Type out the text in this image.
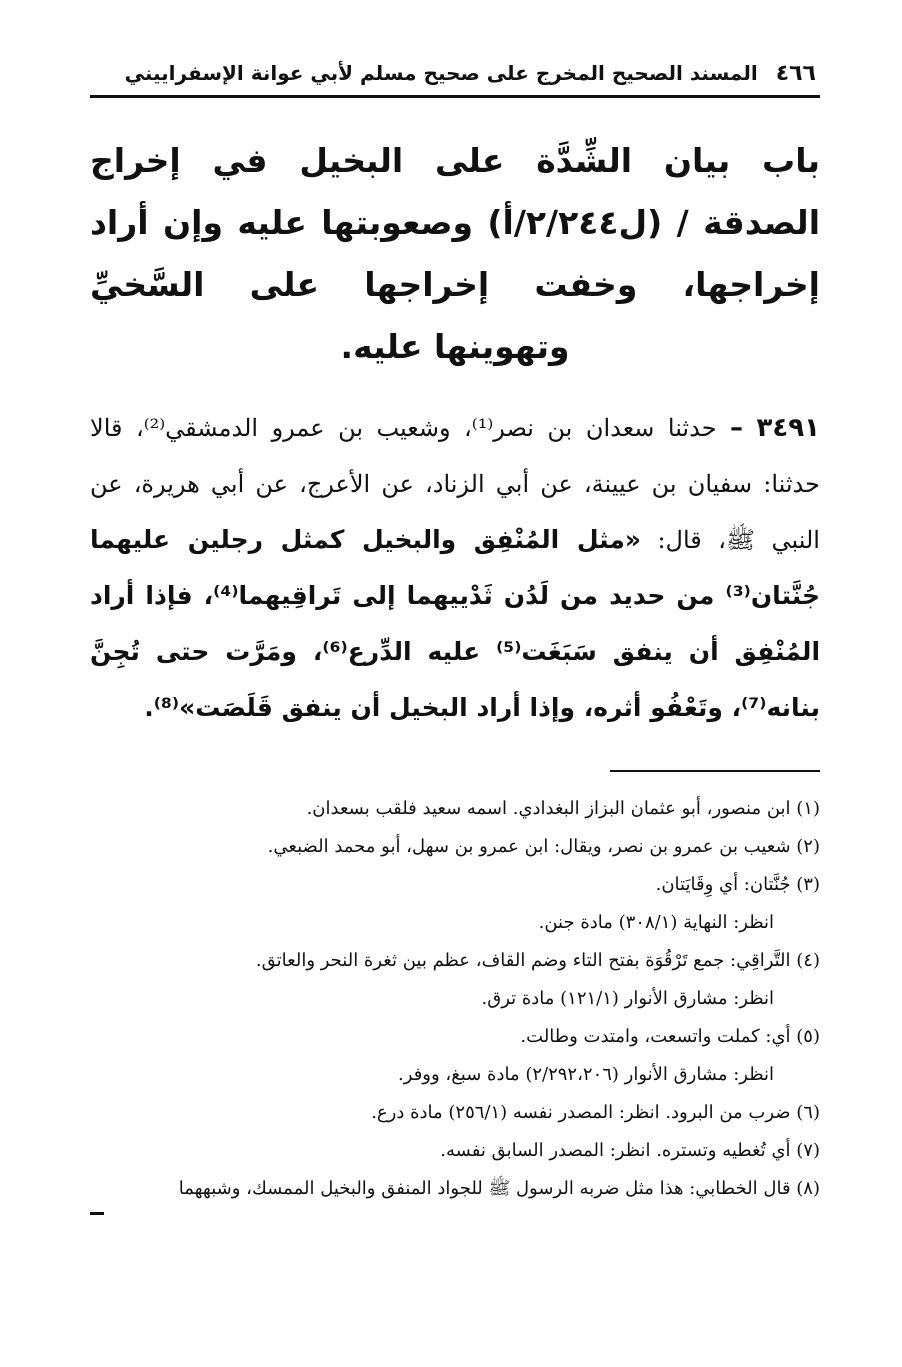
٤٦٦
المسند الصحيح المخرج على صحيح مسلم لأبي عوانة الإسفراييني
باب بيان الشِّدَّة على البخيل في إخراج الصدقة / (ل٢/٢٤٤/أ) وصعوبتها عليه وإن أراد إخراجها، وخفت إخراجها على السَّخيِّ وتهوينها عليه.
٣٤٩١ – حدثنا سعدان بن نصر⁽¹⁾، وشعيب بن عمرو الدمشقي⁽²⁾، قالا حدثنا: سفيان بن عيينة، عن أبي الزناد، عن الأعرج، عن أبي هريرة، عن النبي ﷺ، قال: «مثل المُنْفِق والبخيل كمثل رجلين عليهما جُنَّتان⁽³⁾ من حديد من لَدُن ثَدْييهما إلى تَراقِيهما⁽⁴⁾، فإذا أراد المُنْفِق أن ينفق سَبَغَت⁽⁵⁾ عليه الدِّرع⁽⁶⁾، ومَرَّت حتى تُجِنَّ بنانه⁽⁷⁾، وتَعْفُو أثره، وإذا أراد البخيل أن ينفق قَلَصَت»⁽⁸⁾.
(١) ابن منصور، أبو عثمان البزاز البغدادي. اسمه سعيد فلقب بسعدان.
(٢) شعيب بن عمرو بن نصر، ويقال: ابن عمرو بن سهل، أبو محمد الضبعي.
(٣) جُنَّتان: أي وِقَايَتان.
انظر: النهاية (٣٠٨/١) مادة جنن.
(٤) التَّراقِي: جمع تَرْقُوَة بفتح التاء وضم القاف، عظم بين ثغرة النحر والعاتق.
انظر: مشارق الأنوار (١٢١/١) مادة ترق.
(٥) أي: كملت واتسعت، وامتدت وطالت.
انظر: مشارق الأنوار (٢/٢٩٢،٢٠٦) مادة سبغ، ووفر.
(٦) ضرب من البرود. انظر: المصدر نفسه (٢٥٦/١) مادة درع.
(٧) أي تُغطيه وتستره. انظر: المصدر السابق نفسه.
(٨) قال الخطابي: هذا مثل ضربه الرسول ﷺ للجواد المنفق والبخيل الممسك، وشبههما
